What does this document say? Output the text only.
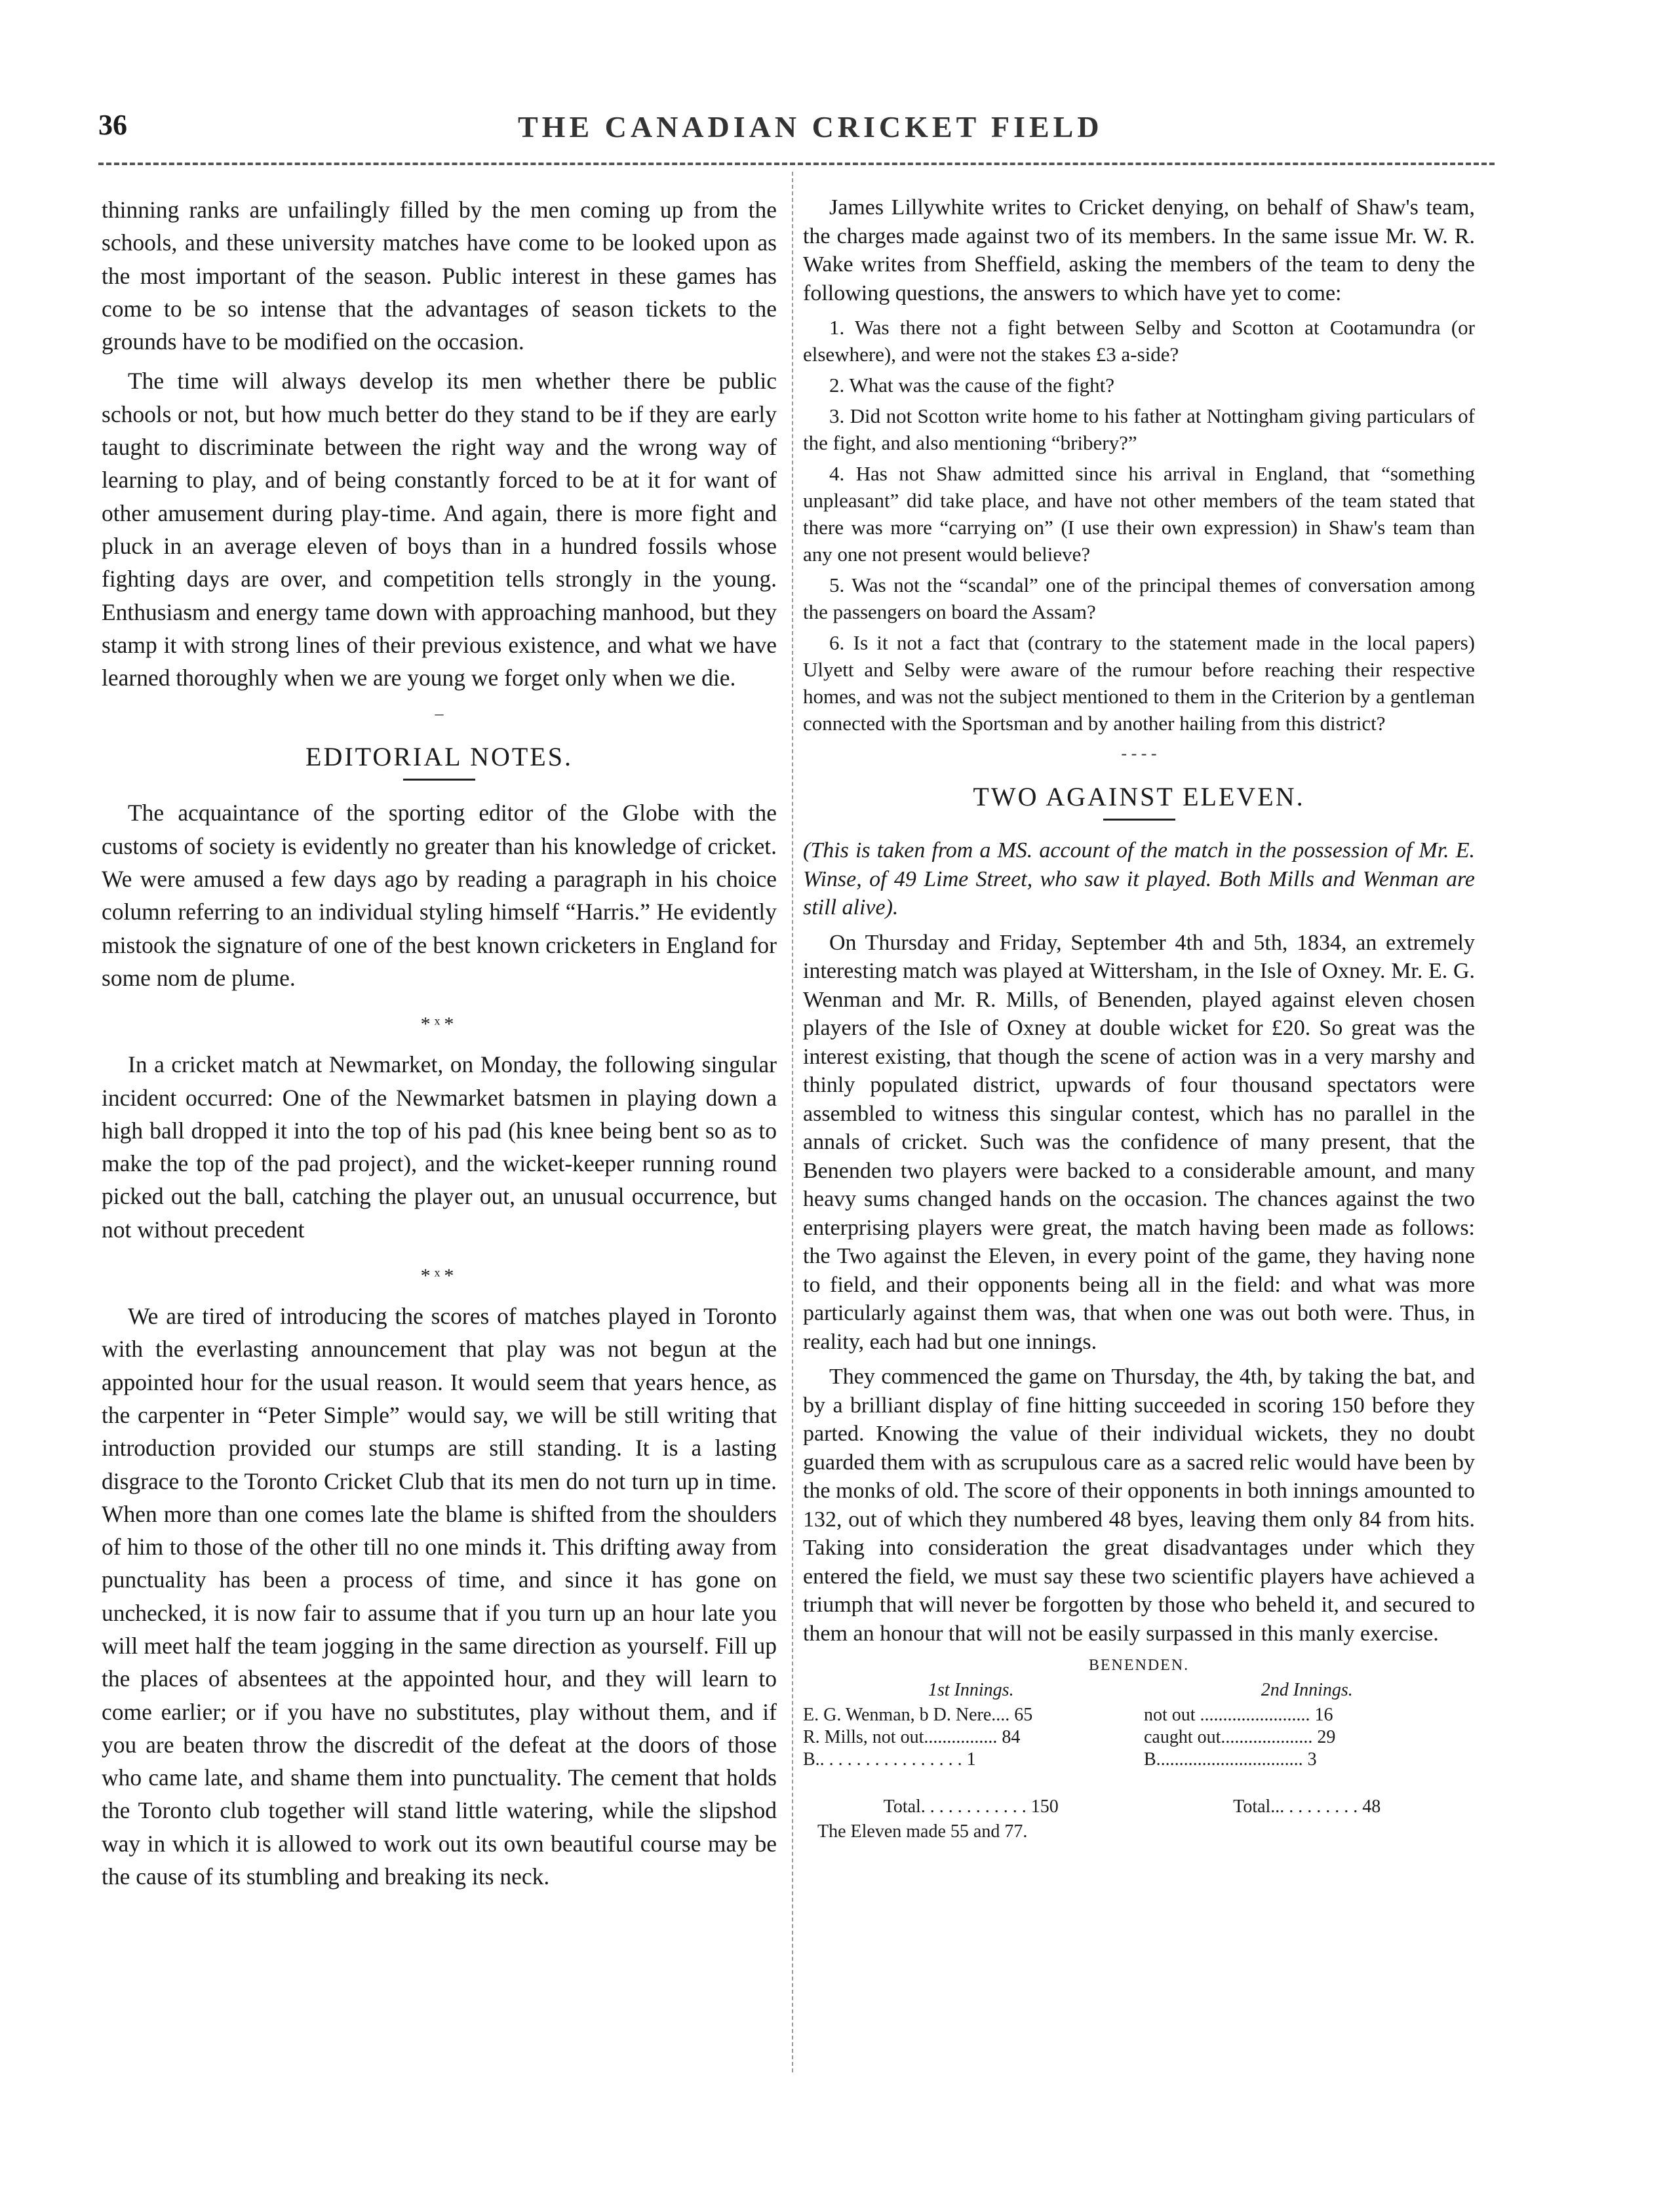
36	THE CANADIAN CRICKET FIELD

thinning ranks are unfailingly filled by the men coming up from the schools, and these university matches have come to be looked upon as the most important of the season. Public interest in these games has come to be so intense that the advantages of season tickets to the grounds have to be modified on the occasion.

The time will always develop its men whether there be public schools or not, but how much better do they stand to be if they are early taught to discriminate between the right way and the wrong way of learning to play, and of being constantly forced to be at it for want of other amusement during play-time. And again, there is more fight and pluck in an average eleven of boys than in a hundred fossils whose fighting days are over, and competition tells strongly in the young. Enthusiasm and energy tame down with approaching manhood, but they stamp it with strong lines of their previous existence, and what we have learned thoroughly when we are young we forget only when we die.

–
EDITORIAL NOTES.

The acquaintance of the sporting editor of the Globe with the customs of society is evidently no greater than his knowledge of cricket. We were amused a few days ago by reading a paragraph in his choice column referring to an individual styling himself “Harris.” He evidently mistook the signature of one of the best known cricketers in England for some nom de plume.

*ˣ*

In a cricket match at Newmarket, on Monday, the following singular incident occurred: One of the Newmarket batsmen in playing down a high ball dropped it into the top of his pad (his knee being bent so as to make the top of the pad project), and the wicket-keeper running round picked out the ball, catching the player out, an unusual occurrence, but not without precedent

*ˣ*

We are tired of introducing the scores of matches played in Toronto with the everlasting announcement that play was not begun at the appointed hour for the usual reason. It would seem that years hence, as the carpenter in “Peter Simple” would say, we will be still writing that introduction provided our stumps are still standing. It is a lasting disgrace to the Toronto Cricket Club that its men do not turn up in time. When more than one comes late the blame is shifted from the shoulders of him to those of the other till no one minds it. This drifting away from punctuality has been a process of time, and since it has gone on unchecked, it is now fair to assume that if you turn up an hour late you will meet half the team jogging in the same direction as yourself. Fill up the places of absentees at the appointed hour, and they will learn to come earlier; or if you have no substitutes, play without them, and if you are beaten throw the discredit of the defeat at the doors of those who came late, and shame them into punctuality. The cement that holds the Toronto club together will stand little watering, while the slipshod way in which it is allowed to work out its own beautiful course may be the cause of its stumbling and breaking its neck.

James Lillywhite writes to Cricket denying, on behalf of Shaw's team, the charges made against two of its members. In the same issue Mr. W. R. Wake writes from Sheffield, asking the members of the team to deny the following questions, the answers to which have yet to come:

1. Was there not a fight between Selby and Scotton at Cootamundra (or elsewhere), and were not the stakes £3 a-side?

2. What was the cause of the fight?

3. Did not Scotton write home to his father at Nottingham giving particulars of the fight, and also mentioning “bribery?”

4. Has not Shaw admitted since his arrival in England, that “something unpleasant” did take place, and have not other members of the team stated that there was more “carrying on” (I use their own expression) in Shaw's team than any one not present would believe?

5. Was not the “scandal” one of the principal themes of conversation among the passengers on board the Assam?

6. Is it not a fact that (contrary to the statement made in the local papers) Ulyett and Selby were aware of the rumour before reaching their respective homes, and was not the subject mentioned to them in the Criterion by a gentleman connected with the Sportsman and by another hailing from this district?

- - - -
TWO AGAINST ELEVEN.

(This is taken from a MS. account of the match in the possession of Mr. E. Winse, of 49 Lime Street, who saw it played. Both Mills and Wenman are still alive).

On Thursday and Friday, September 4th and 5th, 1834, an extremely interesting match was played at Wittersham, in the Isle of Oxney. Mr. E. G. Wenman and Mr. R. Mills, of Benenden, played against eleven chosen players of the Isle of Oxney at double wicket for £20. So great was the interest existing, that though the scene of action was in a very marshy and thinly populated district, upwards of four thousand spectators were assembled to witness this singular contest, which has no parallel in the annals of cricket. Such was the confidence of many present, that the Benenden two players were backed to a considerable amount, and many heavy sums changed hands on the occasion. The chances against the two enterprising players were great, the match having been made as follows: the Two against the Eleven, in every point of the game, they having none to field, and their opponents being all in the field: and what was more particularly against them was, that when one was out both were. Thus, in reality, each had but one innings.

They commenced the game on Thursday, the 4th, by taking the bat, and by a brilliant display of fine hitting succeeded in scoring 150 before they parted. Knowing the value of their individual wickets, they no doubt guarded them with as scrupulous care as a sacred relic would have been by the monks of old. The score of their opponents in both innings amounted to 132, out of which they numbered 48 byes, leaving them only 84 from hits. Taking into consideration the great disadvantages under which they entered the field, we must say these two scientific players have achieved a triumph that will never be forgotten by those who beheld it, and secured to them an honour that will not be easily surpassed in this manly exercise.

BENENDEN.
1st Innings.	2nd Innings.
E. G. Wenman, b D. Nere.... 65	not out ........................ 16
R. Mills, not out................ 84	caught out.................... 29
B.. . . . . . . . . . . . . . . . 1	B................................ 3
Total. . . . . . . . . . . . 150	Total... . . . . . . . . 48
The Eleven made 55 and 77.
